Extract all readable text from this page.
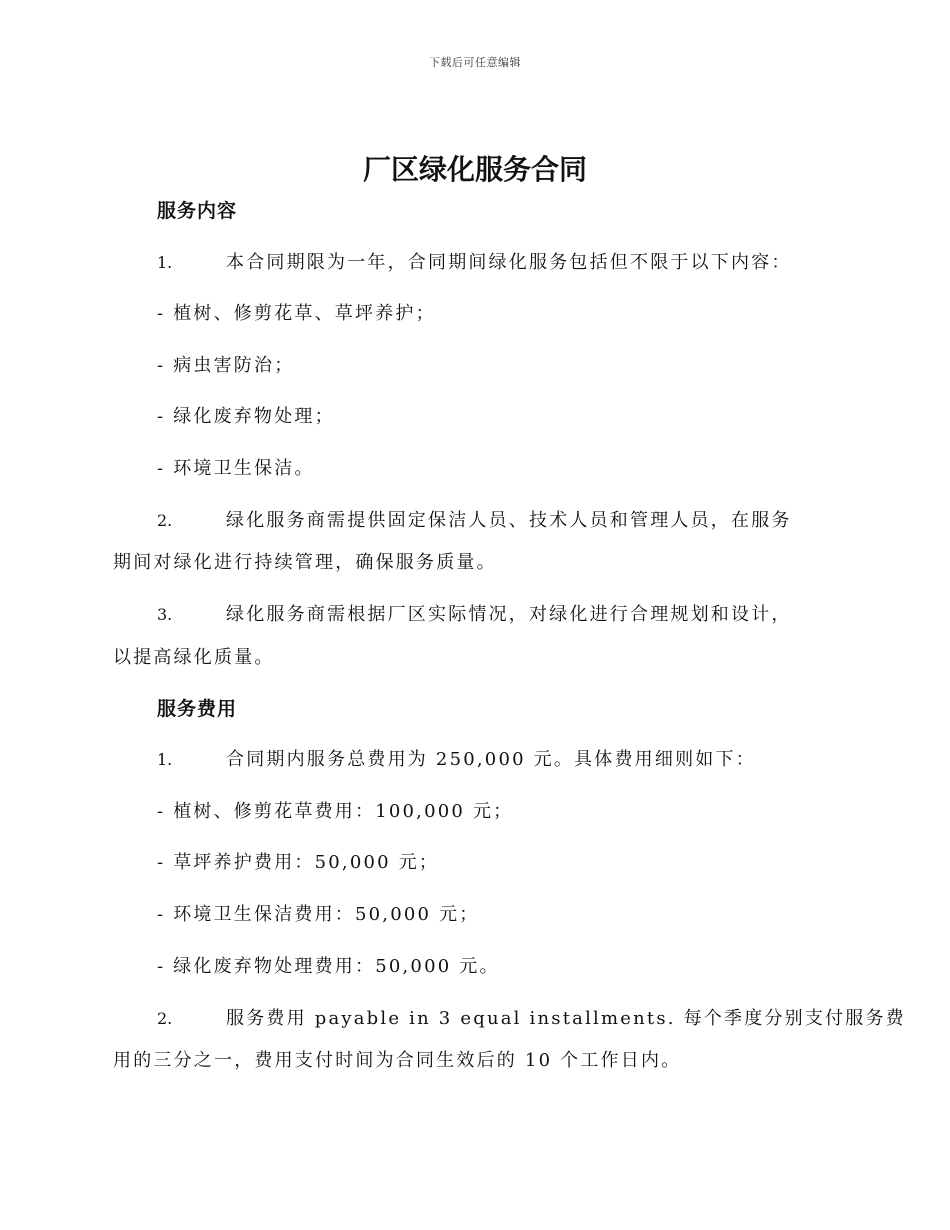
下载后可任意编辑
厂区绿化服务合同
服务内容
1.	本合同期限为一年，合同期间绿化服务包括但不限于以下内容：
- 植树、修剪花草、草坪养护；
- 病虫害防治；
- 绿化废弃物处理；
- 环境卫生保洁。
2.	绿化服务商需提供固定保洁人员、技术人员和管理人员，在服务
期间对绿化进行持续管理，确保服务质量。
3.	绿化服务商需根据厂区实际情况，对绿化进行合理规划和设计，
以提高绿化质量。
服务费用
1.	合同期内服务总费用为 250,000 元。具体费用细则如下：
- 植树、修剪花草费用：100,000 元；
- 草坪养护费用：50,000 元；
- 环境卫生保洁费用：50,000 元；
- 绿化废弃物处理费用：50,000 元。
2.	服务费用 payable in 3 equal installments. 每个季度分别支付服务费
用的三分之一，费用支付时间为合同生效后的 10 个工作日内。
